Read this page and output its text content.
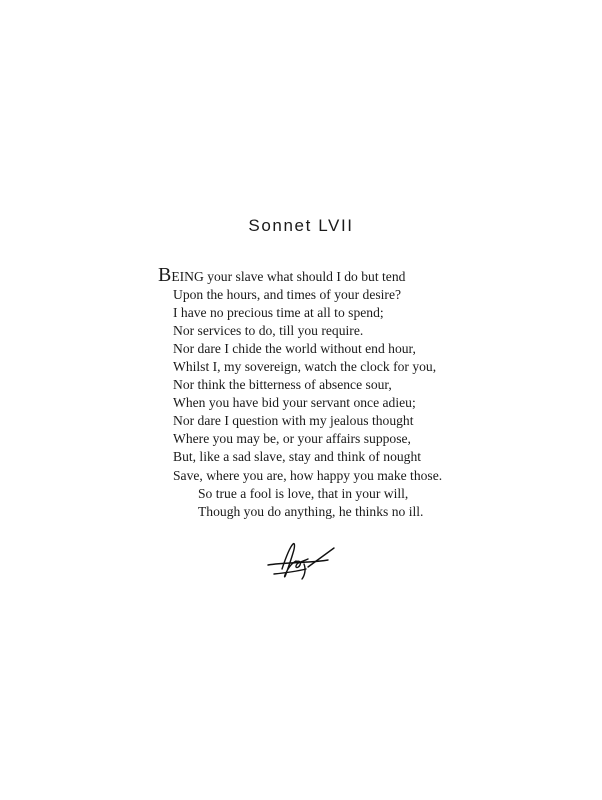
Sonnet LVII
BEING your slave what should I do but tend
Upon the hours, and times of your desire?
I have no precious time at all to spend;
Nor services to do, till you require.
Nor dare I chide the world without end hour,
Whilst I, my sovereign, watch the clock for you,
Nor think the bitterness of absence sour,
When you have bid your servant once adieu;
Nor dare I question with my jealous thought
Where you may be, or your affairs suppose,
But, like a sad slave, stay and think of nought
Save, where you are, how happy you make those.
So true a fool is love, that in your will,
Though you do anything, he thinks no ill.
